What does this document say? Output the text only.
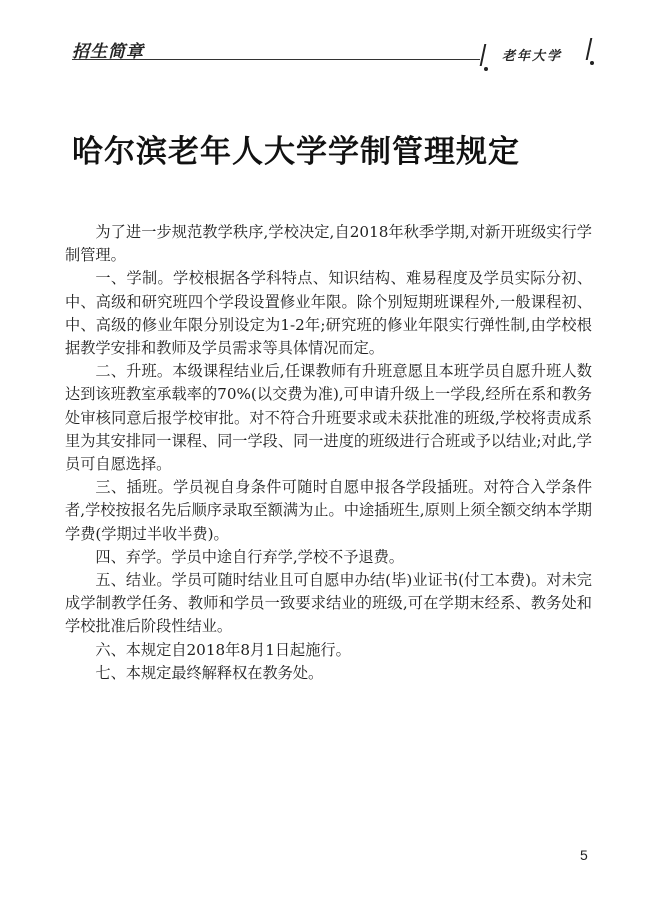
招生简章	老年大学
哈尔滨老年人大学学制管理规定

为了进一步规范教学秩序,学校决定,自2018年秋季学期,对新开班级实行学制管理。

一、学制。学校根据各学科特点、知识结构、难易程度及学员实际分初、中、高级和研究班四个学段设置修业年限。除个别短期班课程外,一般课程初、中、高级的修业年限分别设定为1-2年;研究班的修业年限实行弹性制,由学校根据教学安排和教师及学员需求等具体情况而定。

二、升班。本级课程结业后,任课教师有升班意愿且本班学员自愿升班人数达到该班教室承载率的70%(以交费为准),可申请升级上一学段,经所在系和教务处审核同意后报学校审批。对不符合升班要求或未获批准的班级,学校将责成系里为其安排同一课程、同一学段、同一进度的班级进行合班或予以结业;对此,学员可自愿选择。

三、插班。学员视自身条件可随时自愿申报各学段插班。对符合入学条件者,学校按报名先后顺序录取至额满为止。中途插班生,原则上须全额交纳本学期学费(学期过半收半费)。

四、弃学。学员中途自行弃学,学校不予退费。

五、结业。学员可随时结业且可自愿申办结(毕)业证书(付工本费)。对未完成学制教学任务、教师和学员一致要求结业的班级,可在学期末经系、教务处和学校批准后阶段性结业。

六、本规定自2018年8月1日起施行。

七、本规定最终解释权在教务处。

5
